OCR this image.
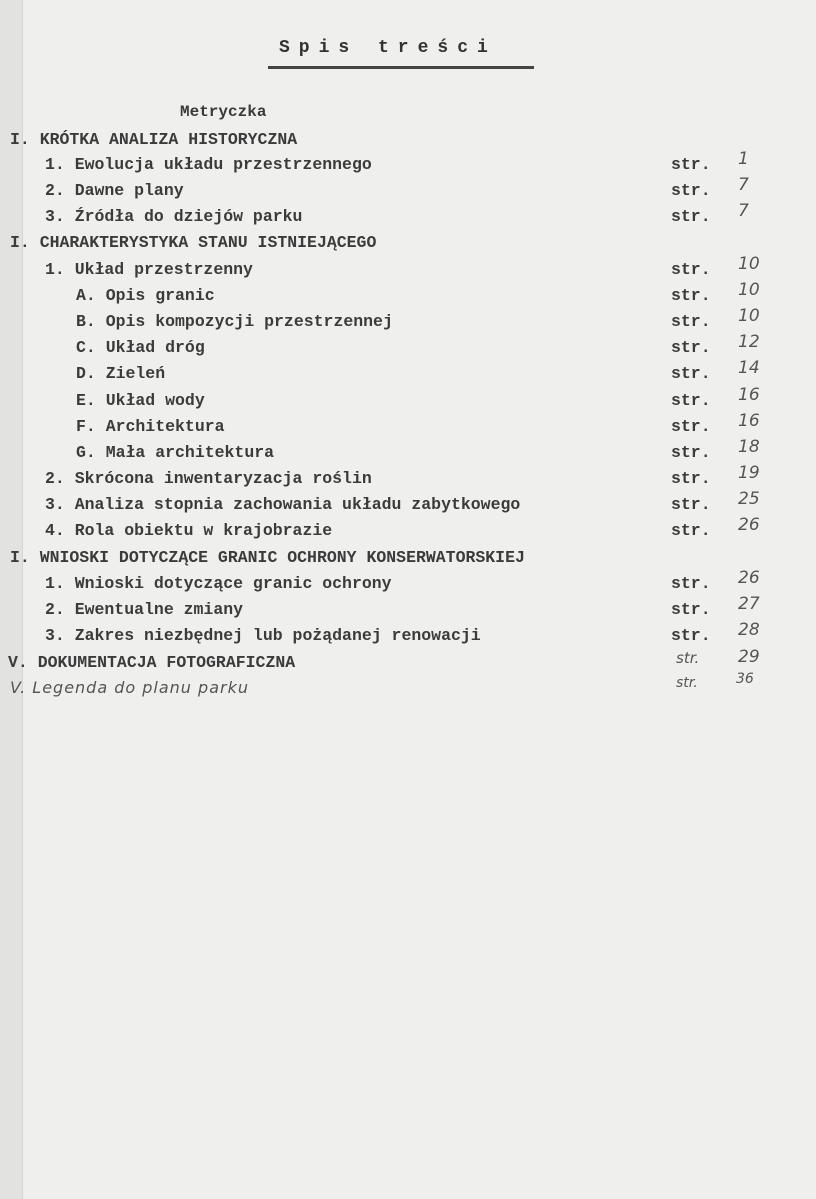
Spis treści
Metryczka
I. KRÓTKA ANALIZA HISTORYCZNA
1. Ewolucja układu przestrzennego	str. 1
2. Dawne plany	str. 7
3. Źródła do dziejów parku	str. 7
I. CHARAKTERYSTYKA STANU ISTNIEJĄCEGO
1. Układ przestrzenny	str. 10
A. Opis granic	str. 10
B. Opis kompozycji przestrzennej	str. 10
C. Układ dróg	str. 12
D. Zieleń	str. 14
E. Układ wody	str. 16
F. Architektura	str. 16
G. Mała architektura	str. 18
2. Skrócona inwentaryzacja roślin	str. 19
3. Analiza stopnia zachowania układu zabytkowego	str. 25
4. Rola obiektu w krajobrazie	str. 26
I. WNIOSKI DOTYCZĄCE GRANIC OCHRONY KONSERWATORSKIEJ
1. Wnioski dotyczące granic ochrony	str. 26
2. Ewentualne zmiany	str. 27
3. Zakres niezbędnej lub pożądanej renowacji	str. 28
V. DOKUMENTACJA FOTOGRAFICZNA	str. 29
V. Legenda do planu parku	str.	36
